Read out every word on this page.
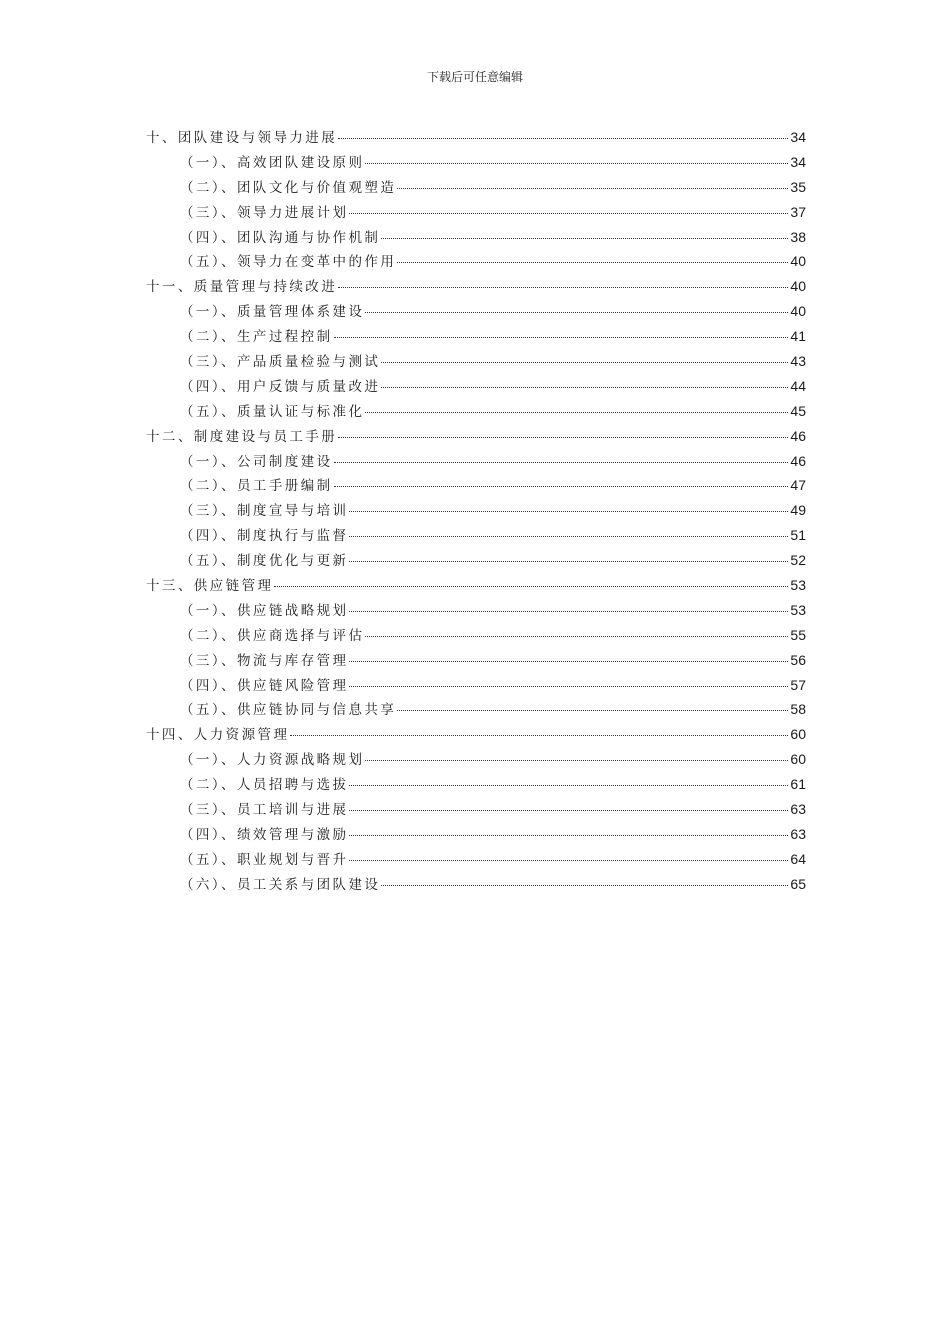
下载后可任意编辑
十、团队建设与领导力进展	34
（一）、高效团队建设原则	34
（二）、团队文化与价值观塑造	35
（三）、领导力进展计划	37
（四）、团队沟通与协作机制	38
（五）、领导力在变革中的作用	40
十一、质量管理与持续改进	40
（一）、质量管理体系建设	40
（二）、生产过程控制	41
（三）、产品质量检验与测试	43
（四）、用户反馈与质量改进	44
（五）、质量认证与标准化	45
十二、制度建设与员工手册	46
（一）、公司制度建设	46
（二）、员工手册编制	47
（三）、制度宣导与培训	49
（四）、制度执行与监督	51
（五）、制度优化与更新	52
十三、供应链管理	53
（一）、供应链战略规划	53
（二）、供应商选择与评估	55
（三）、物流与库存管理	56
（四）、供应链风险管理	57
（五）、供应链协同与信息共享	58
十四、人力资源管理	60
（一）、人力资源战略规划	60
（二）、人员招聘与选拔	61
（三）、员工培训与进展	63
（四）、绩效管理与激励	63
（五）、职业规划与晋升	64
（六）、员工关系与团队建设	65
